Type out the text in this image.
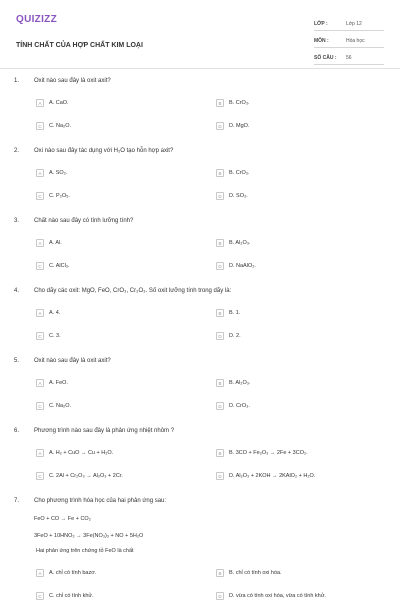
QUIZIZZ
TÍNH CHẤT CỦA HỢP CHẤT KIM LOẠI
LỚP :	Lớp 12
MÔN :	Hóa học
SỐ CÂU : 56
1. Oxit nào sau đây là oxit axit?
A	A. CaO.	B	B. CrO₃.
C	C. Na₂O.	D	D. MgO.
2. Oxi nào sau đây tác dụng với H₂O tạo hỗn hợp axit?
A	A. SO₂.	B	B. CrO₃.
C	C. P₂O₅.	D	D. SO₃.
3. Chất nào sau đây có tính lưỡng tính?
A	A. Al.	B	B. Al₂O₃.
C	C. AlCl₃.	D	D. NaAlO₂.
4. Cho dãy các oxit: MgO, FeO, CrO₃, Cr₂O₃. Số oxit lưỡng tính trong dãy là:
A	A. 4.	B	B. 1.
C	C. 3.	D	D. 2.
5. Oxit nào sau đây là oxit axit?
A	A. FeO.	B	B. Al₂O₃.
C	C. Na₂O.	D	D. CrO₃.
6. Phương trình nào sau đây là phản ứng nhiệt nhôm ?
A	A. H₂ + CuO → Cu + H₂O.	B	B. 3CO + Fe₂O₃ → 2Fe + 3CO₂.
C	C. 2Al + Cr₂O₃ → Al₂O₃ + 2Cr.	D	D. Al₂O₃ + 2KOH → 2KAlO₂ + H₂O.
7. Cho phương trình hóa học của hai phản ứng sau:
FeO + CO → Fe + CO₂
3FeO + 10HNO₃ → 3Fe(NO₃)₃ + NO + 5H₂O
Hai phản ứng trên chứng tỏ FeO là chất
A	A. chỉ có tính bazơ.	B	B. chỉ có tính oxi hóa.
C	C. chỉ có tính khử.	D	D. vừa có tính oxi hóa, vừa có tính khử.
